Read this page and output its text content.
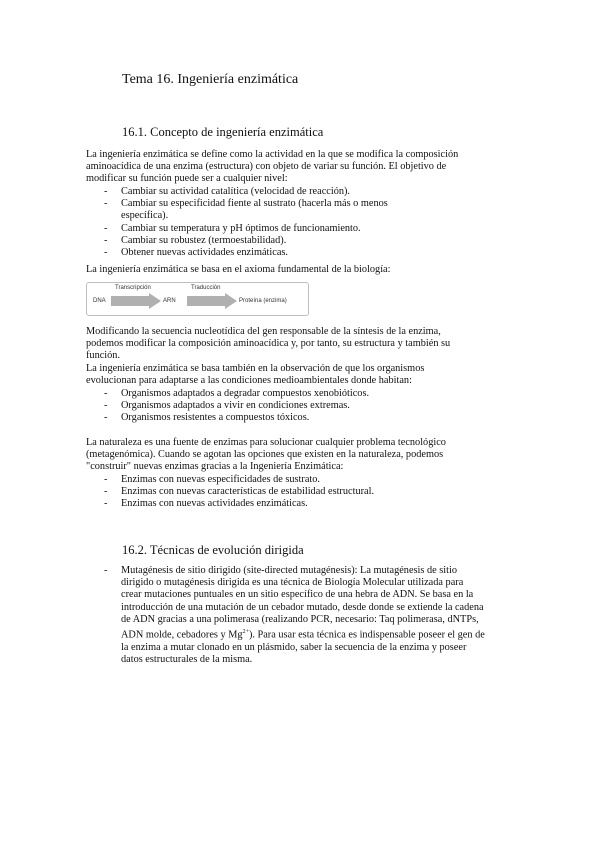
Tema 16. Ingeniería enzimática
16.1. Concepto de ingeniería enzimática
La ingeniería enzimática se define como la actividad en la que se modifica la composición
aminoacídica de una enzima (estructura) con objeto de variar su función. El objetivo de
modificar su función puede ser a cualquier nivel:
- Cambiar su actividad catalítica (velocidad de reacción).
- Cambiar su especificidad fiente al sustrato (hacerla más o menos
específica).
- Cambiar su temperatura y pH óptimos de funcionamiento.
- Cambiar su robustez (termoestabilidad).
- Obtener nuevas actividades enzimáticas.
La ingeniería enzimática se basa en el axioma fundamental de la biología:
DNA
Transcripción
ARN
Traducción
Proteína (enzima)
Modificando la secuencia nucleotídica del gen responsable de la síntesis de la enzima,
podemos modificar la composición aminoacídica y, por tanto, su estructura y también su
función.
La ingeniería enzimática se basa también en la observación de que los organismos
evolucionan para adaptarse a las condiciones medioambientales donde habitan:
- Organismos adaptados a degradar compuestos xenobióticos.
- Organismos adaptados a vivir en condiciones extremas.
- Organismos resistentes a compuestos tóxicos.
La naturaleza es una fuente de enzimas para solucionar cualquier problema tecnológico
(metagenómica). Cuando se agotan las opciones que existen en la naturaleza, podemos
"construir" nuevas enzimas gracias a la Ingeniería Enzimática:
- Enzimas con nuevas especificidades de sustrato.
- Enzimas con nuevas características de estabilidad estructural.
- Enzimas con nuevas actividades enzimáticas.
16.2. Técnicas de evolución dirigida
- Mutagénesis de sitio dirigido (site-directed mutagénesis): La mutagénesis de sitio
dirigido o mutagénesis dirigida es una técnica de Biología Molecular utilizada para
crear mutaciones puntuales en un sitio específico de una hebra de ADN. Se basa en la
introducción de una mutación de un cebador mutado, desde donde se extiende la cadena
de ADN gracias a una polimerasa (realizando PCR, necesario: Taq polimerasa, dNTPs,
ADN molde, cebadores y $Mg^{2+}$). Para usar esta técnica es indispensable poseer el gen de
la enzima a mutar clonado en un plásmido, saber la secuencia de la enzima y poseer
datos estructurales de la misma.
